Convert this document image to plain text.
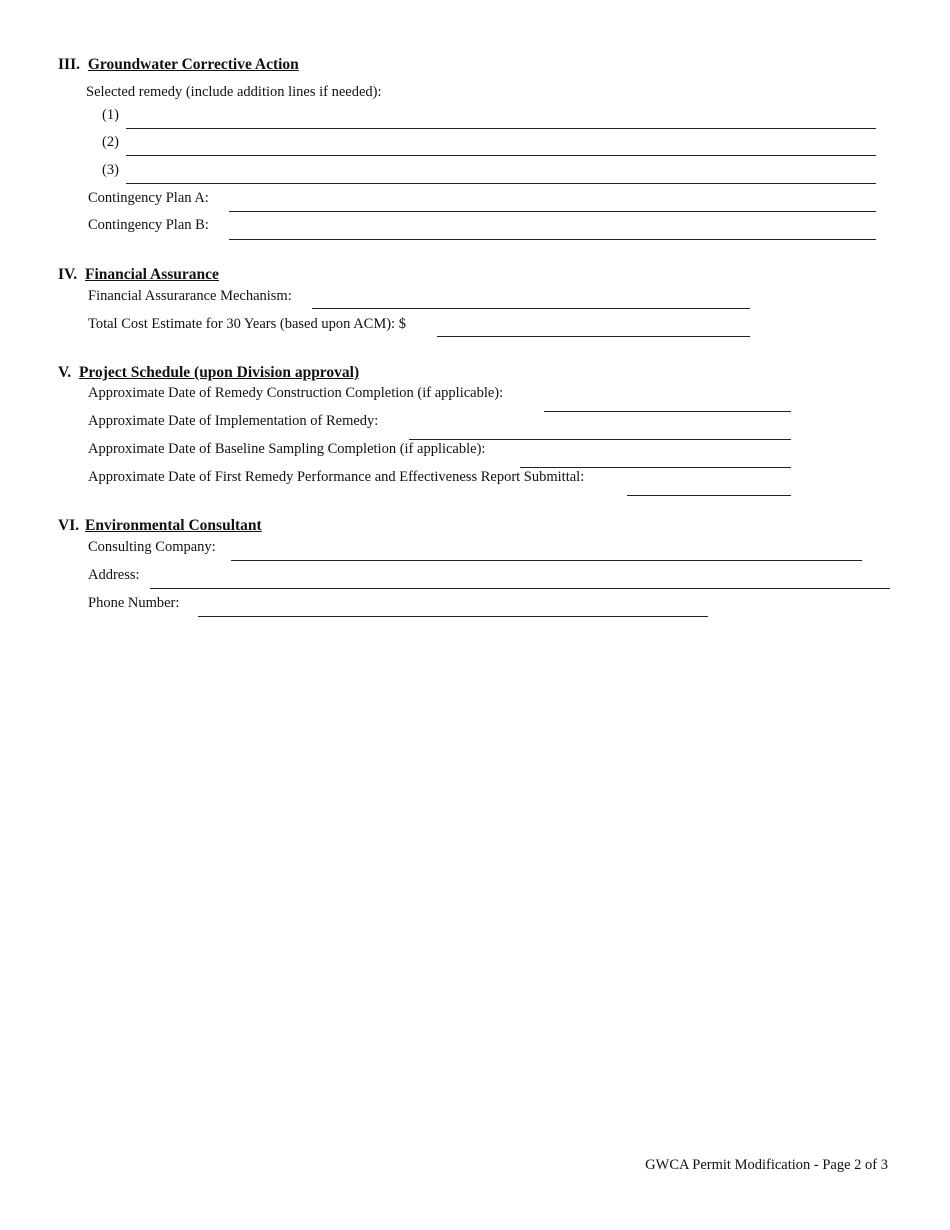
III. Groundwater Corrective Action
Selected remedy (include addition lines if needed):
(1)
(2)
(3)
Contingency Plan A:
Contingency Plan B:
IV. Financial Assurance
Financial Assurarance Mechanism:
Total Cost Estimate for 30 Years (based upon ACM): $
V. Project Schedule (upon Division approval)
Approximate Date of Remedy Construction Completion (if applicable):
Approximate Date of Implementation of Remedy:
Approximate Date of Baseline Sampling Completion (if applicable):
Approximate Date of First Remedy Performance and Effectiveness Report Submittal:
VI. Environmental Consultant
Consulting Company:
Address:
Phone Number:
GWCA Permit Modification - Page 2 of 3
